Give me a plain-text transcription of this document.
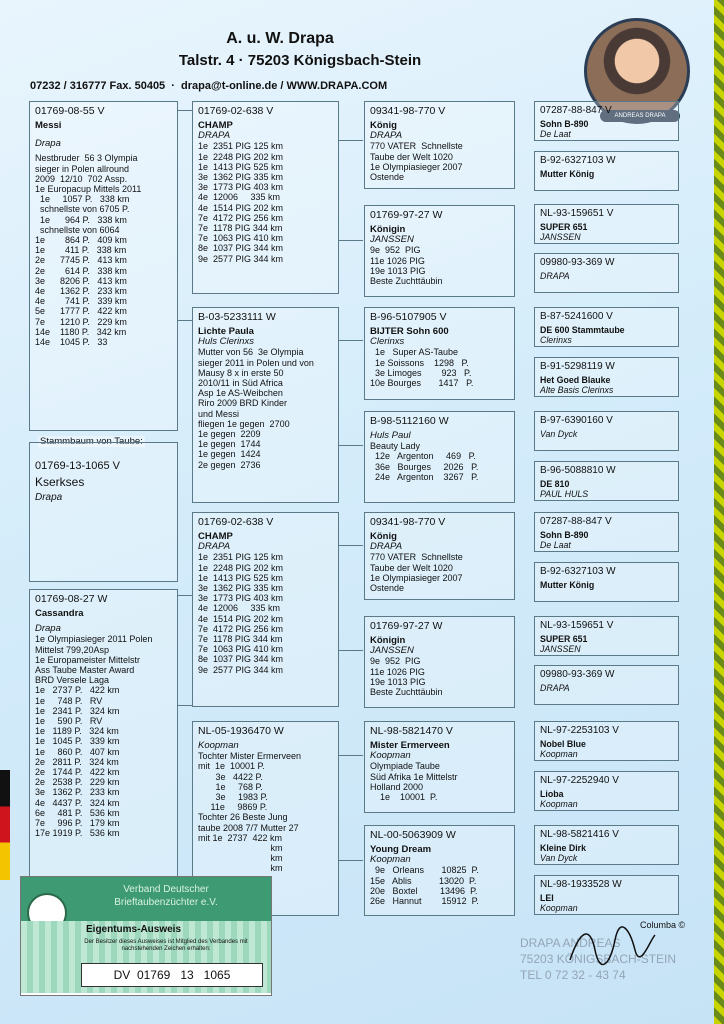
A. u. W. Drapa
Talstr. 4 · 75203 Königsbach-Stein
07232 / 316777 Fax. 50405  ·  drapa@t-online.de / WWW.DRAPA.COM
ANDREAS DRAPA
01769-08-55 V
Messi
Drapa
Nestbruder  56 3 Olympia
sieger in Polen allround
2009  12/10  702 Assp.
1e Europacup Mittels 2011
1e     1057 P.   338 km
schnellste von 6705 P.
1e      964 P.   338 km
schnellste von 6064
1e        864 P.   409 km
1e        411 P.   338 km
2e      7745 P.   413 km
2e        614 P.   338 km
3e      8206 P.   413 km
4e      1362 P.   233 km
4e        741 P.   339 km
5e      1777 P.   422 km
7e      1210 P.   229 km
14e    1180 P.   342 km
14e    1045 P.   33
Stammbaum von Taube:
01769-13-1065 V
Kserkses
Drapa
01769-08-27 W
Cassandra
Drapa
1e Olympiasieger 2011 Polen
Mittelst 799,20Asp
1e Europameister Mittelstr
Ass Taube Master Award
BRD Versele Laga
1e   2737 P.   422 km
1e     748 P.   RV
1e   2341 P.   324 km
1e     590 P.   RV
1e   1189 P.   324 km
1e   1045 P.   339 km
1e     860 P.   407 km
2e   2811 P.   324 km
2e   1744 P.   422 km
2e   2538 P.   229 km
3e   1362 P.   233 km
4e   4437 P.   324 km
6e     481 P.   536 km
7e     996 P.   179 km
17e 1919 P.   536 km
01769-02-638 V
CHAMP
DRAPA
1e  2351 PIG 125 km
1e  2248 PIG 202 km
1e  1413 PIG 525 km
3e  1362 PIG 335 km
3e  1773 PIG 403 km
4e  12006     335 km
4e  1514 PIG 202 km
7e  4172 PIG 256 km
7e  1178 PIG 344 km
7e  1063 PIG 410 km
8e  1037 PIG 344 km
9e  2577 PIG 344 km
B-03-5233111 W
Lichte Paula
Huls Clerinxs
Mutter von 56  3e Olympia
sieger 2011 in Polen und von
Mausy 8 x in erste 50
2010/11 in Süd Africa
Asp 1e AS-Weibchen
Riro 2009 BRD Kinder
und Messi
fliegen 1e gegen  2700
1e gegen  2209
1e gegen  1744
1e gegen  1424
2e gegen  2736
01769-02-638 V
CHAMP
DRAPA
1e  2351 PIG 125 km
1e  2248 PIG 202 km
1e  1413 PIG 525 km
3e  1362 PIG 335 km
3e  1773 PIG 403 km
4e  12006     335 km
4e  1514 PIG 202 km
7e  4172 PIG 256 km
7e  1178 PIG 344 km
7e  1063 PIG 410 km
8e  1037 PIG 344 km
9e  2577 PIG 344 km
NL-05-1936470 W
Koopman
Tochter Mister Ermerveen
mit  1e  10001 P.
3e   4422 P.
1e     768 P.
3e     1983 P.
11e     9869 P.
Tochter 26 Beste Jung
taube 2008 7/7 Mutter 27
mit 1e  2737  422 km
km
km
km
09341-98-770 V
König
DRAPA
770 VATER  Schnellste
Taube der Welt 1020
1e Olympiasieger 2007
Ostende
01769-97-27 W
Königin
JANSSEN
9e  952  PIG
11e 1026 PIG
19e 1013 PIG
Beste Zuchttäubin
B-96-5107905 V
BIJTER Sohn 600
Clerinxs
1e   Super AS-Taube
1e Soissons    1298   P.
3e Limoges        923   P.
10e Bourges       1417   P.
B-98-5112160 W
Huls Paul
Beauty Lady
12e   Argenton     469   P.
36e   Bourges     2026   P.
24e   Argenton    3267   P.
09341-98-770 V
König
DRAPA
770 VATER  Schnellste
Taube der Welt 1020
1e Olympiasieger 2007
Ostende
01769-97-27 W
Königin
JANSSEN
9e  952  PIG
11e 1026 PIG
19e 1013 PIG
Beste Zuchttäubin
NL-98-5821470 V
Mister Ermerveen
Koopman
Olympiade Taube
Süd Afrika 1e Mittelstr
Holland 2000
1e    10001  P.
NL-00-5063909 W
Young Dream
Koopman
9e   Orleans       10825  P.
15e   Ablis           13020  P.
20e   Boxtel         13496  P.
26e   Hannut        15912  P.
07287-88-847 V
Sohn B-890
De Laat
B-92-6327103 W
Mutter König
NL-93-159651 V
SUPER 651
JANSSEN
09980-93-369 W
DRAPA
B-87-5241600 V
DE 600 Stammtaube
Clerinxs
B-91-5298119 W
Het Goed Blauke
Alte Basis Clerinxs
B-97-6390160 V
Van Dyck
B-96-5088810 W
DE 810
PAUL HULS
07287-88-847 V
Sohn B-890
De Laat
B-92-6327103 W
Mutter König
NL-93-159651 V
SUPER 651
JANSSEN
09980-93-369 W
DRAPA
NL-97-2253103 V
Nobel Blue
Koopman
NL-97-2252940 V
Lioba
Koopman
NL-98-5821416 V
Kleine Dirk
Van Dyck
NL-98-1933528 W
LEI
Koopman
Verband Deutscher
Brieftaubenzüchter e.V.
Eigentums-Ausweis
Der Besitzer dieses Ausweises ist Mitglied des Verbandes mit nachstehenden Zeichen erhalten:
DV  01769   13   1065
Columba ©
DRAPA ANDREAS
75203 KÖNIGSBACH-STEIN
TEL 0 72 32 - 43 74
